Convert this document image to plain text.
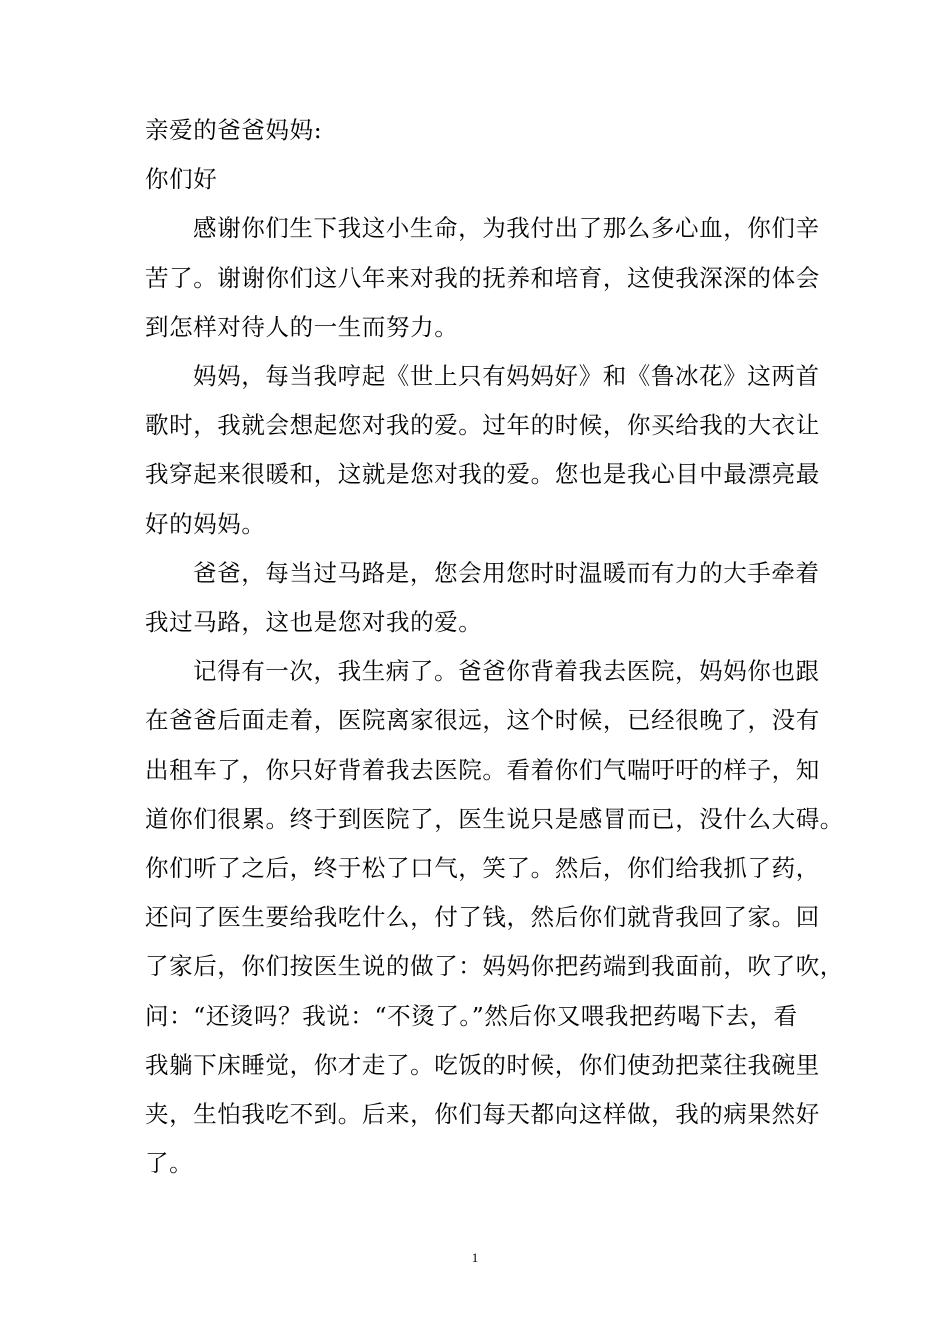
亲爱的爸爸妈妈:
你们好
感谢你们生下我这小生命，为我付出了那么多心血，你们辛
苦了。谢谢你们这八年来对我的抚养和培育，这使我深深的体会
到怎样对待人的一生而努力。
妈妈，每当我哼起《世上只有妈妈好》和《鲁冰花》这两首
歌时，我就会想起您对我的爱。过年的时候，你买给我的大衣让
我穿起来很暖和，这就是您对我的爱。您也是我心目中最漂亮最
好的妈妈。
爸爸，每当过马路是，您会用您时时温暖而有力的大手牵着
我过马路，这也是您对我的爱。
记得有一次，我生病了。爸爸你背着我去医院，妈妈你也跟
在爸爸后面走着，医院离家很远，这个时候，已经很晚了，没有
出租车了，你只好背着我去医院。看着你们气喘吁吁的样子，知
道你们很累。终于到医院了，医生说只是感冒而已，没什么大碍。
你们听了之后，终于松了口气，笑了。然后，你们给我抓了药，
还问了医生要给我吃什么，付了钱，然后你们就背我回了家。回
了家后，你们按医生说的做了：妈妈你把药端到我面前，吹了吹，
问：“还烫吗？我说：“不烫了。”然后你又喂我把药喝下去，看
我躺下床睡觉，你才走了。吃饭的时候，你们使劲把菜往我碗里
夹，生怕我吃不到。后来，你们每天都向这样做，我的病果然好
了。
1
